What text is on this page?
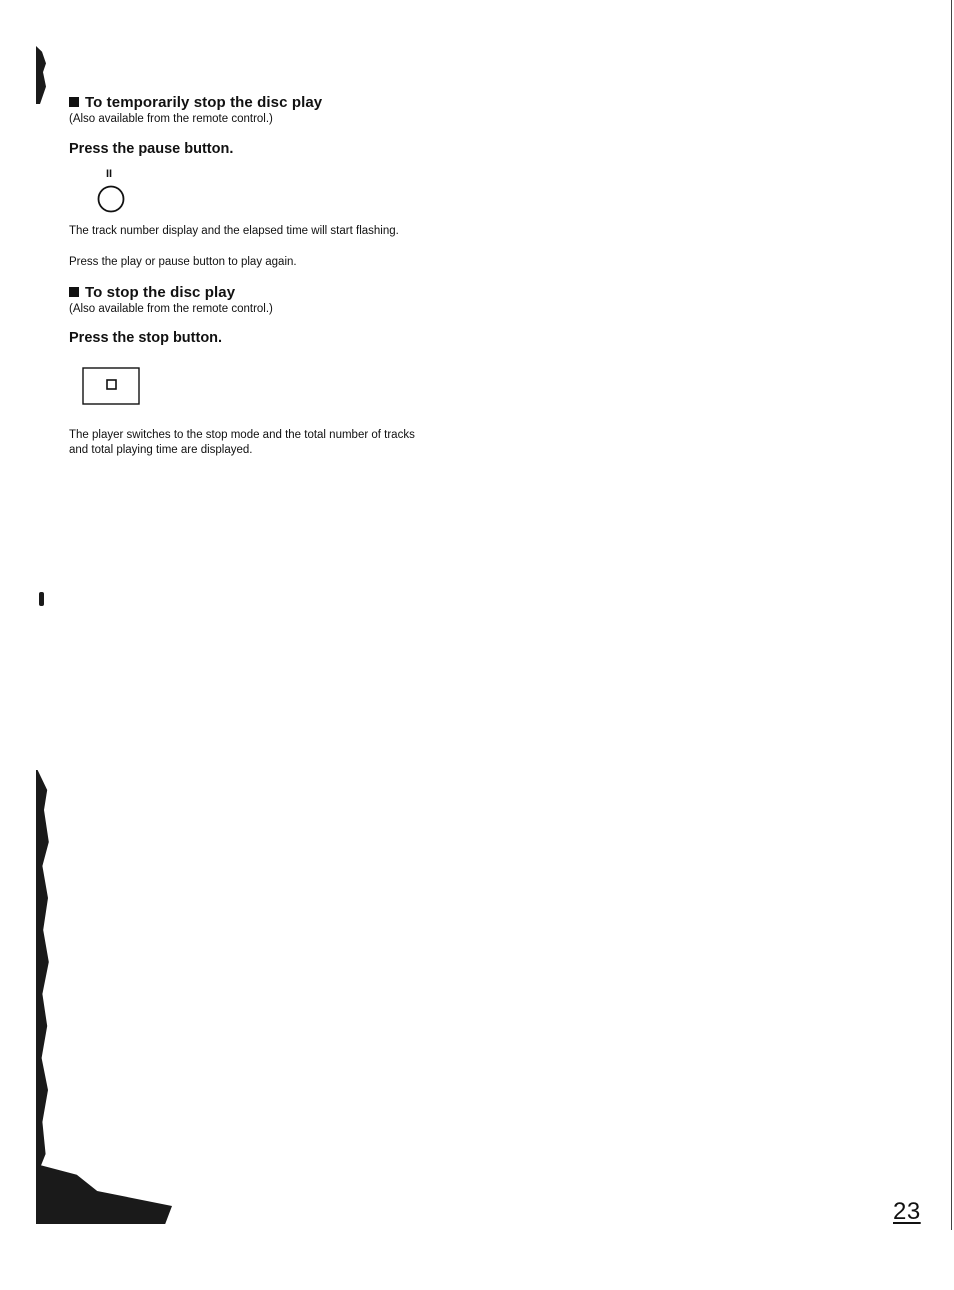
To temporarily stop the disc play
(Also available from the remote control.)
Press the pause button.
II
The track number display and the elapsed time will start flashing.
Press the play or pause button to play again.
To stop the disc play
(Also available from the remote control.)
Press the stop button.
The player switches to the stop mode and the total number of tracks
and total playing time are displayed.
23
